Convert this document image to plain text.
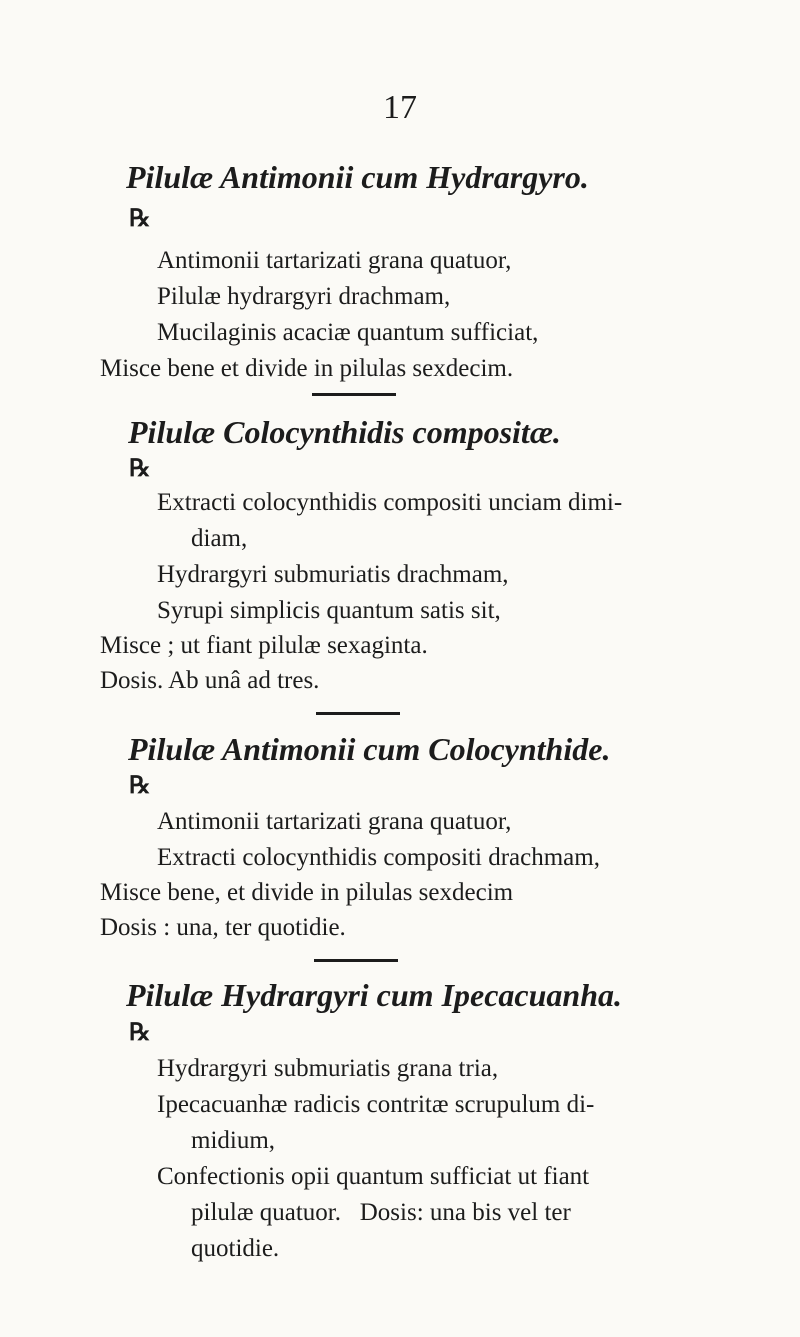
17
Pilulæ Antimonii cum Hydrargyro.
℞
Antimonii tartarizati grana quatuor,
Pilulæ hydrargyri drachmam,
Mucilaginis acaciæ quantum sufficiat,
Misce bene et divide in pilulas sexdecim.
Pilulæ Colocynthidis compositæ.
℞
Extracti colocynthidis compositi unciam dimi-
diam,
Hydrargyri submuriatis drachmam,
Syrupi simplicis quantum satis sit,
Misce ; ut fiant pilulæ sexaginta.
Dosis. Ab unâ ad tres.
Pilulæ Antimonii cum Colocynthide.
℞
Antimonii tartarizati grana quatuor,
Extracti colocynthidis compositi drachmam,
Misce bene, et divide in pilulas sexdecim
Dosis : una, ter quotidie.
Pilulæ Hydrargyri cum Ipecacuanha.
℞
Hydrargyri submuriatis grana tria,
Ipecacuanhæ radicis contritæ scrupulum di-
midium,
Confectionis opii quantum sufficiat ut fiant
pilulæ quatuor.   Dosis: una bis vel ter
quotidie.
